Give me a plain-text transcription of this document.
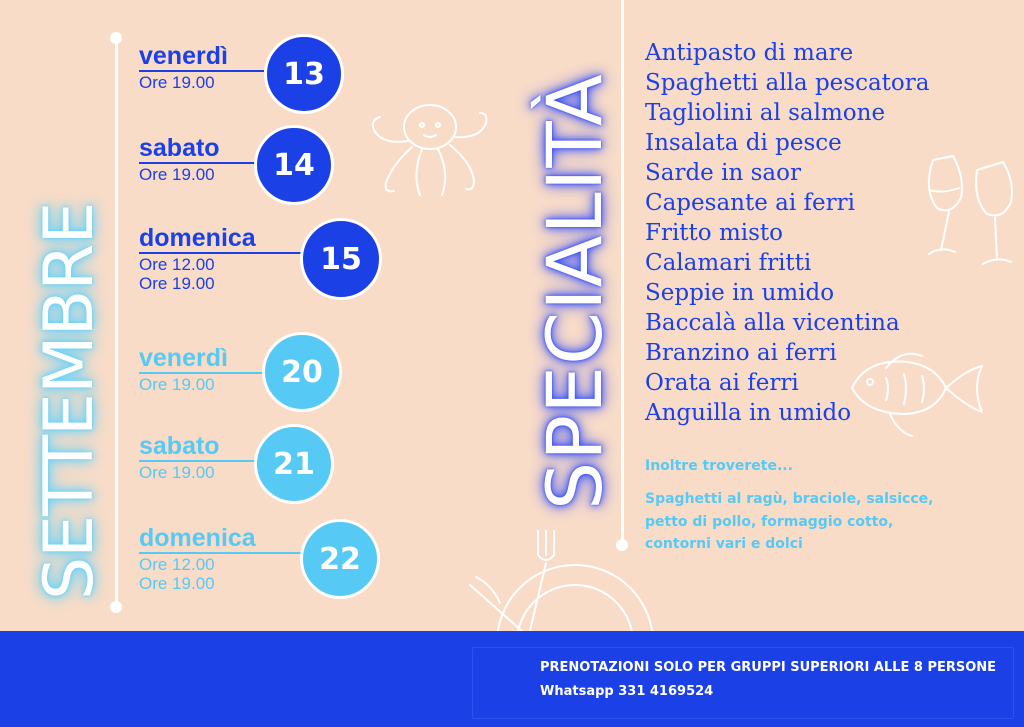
SETTEMBRE	SPECIALITÀ
venerdì
Ore 19.00	13
sabato
Ore 19.00	14
domenica
Ore 12.00
Ore 19.00
15
venerdì
Ore 19.00	20
sabato
Ore 19.00	21
domenica
Ore 12.00
Ore 19.00
22
Antipasto di mare
Spaghetti alla pescatora
Tagliolini al salmone
Insalata di pesce
Sarde in saor
Capesante ai ferri
Fritto misto
Calamari fritti
Seppie in umido
Baccalà alla vicentina
Branzino ai ferri
Orata ai ferri
Anguilla in umido
Inoltre troverete...
Spaghetti al ragù, braciole, salsicce,
petto di pollo, formaggio cotto,
contorni vari e dolci
PRENOTAZIONI SOLO PER GRUPPI SUPERIORI ALLE 8 PERSONE
Whatsapp 331 4169524
